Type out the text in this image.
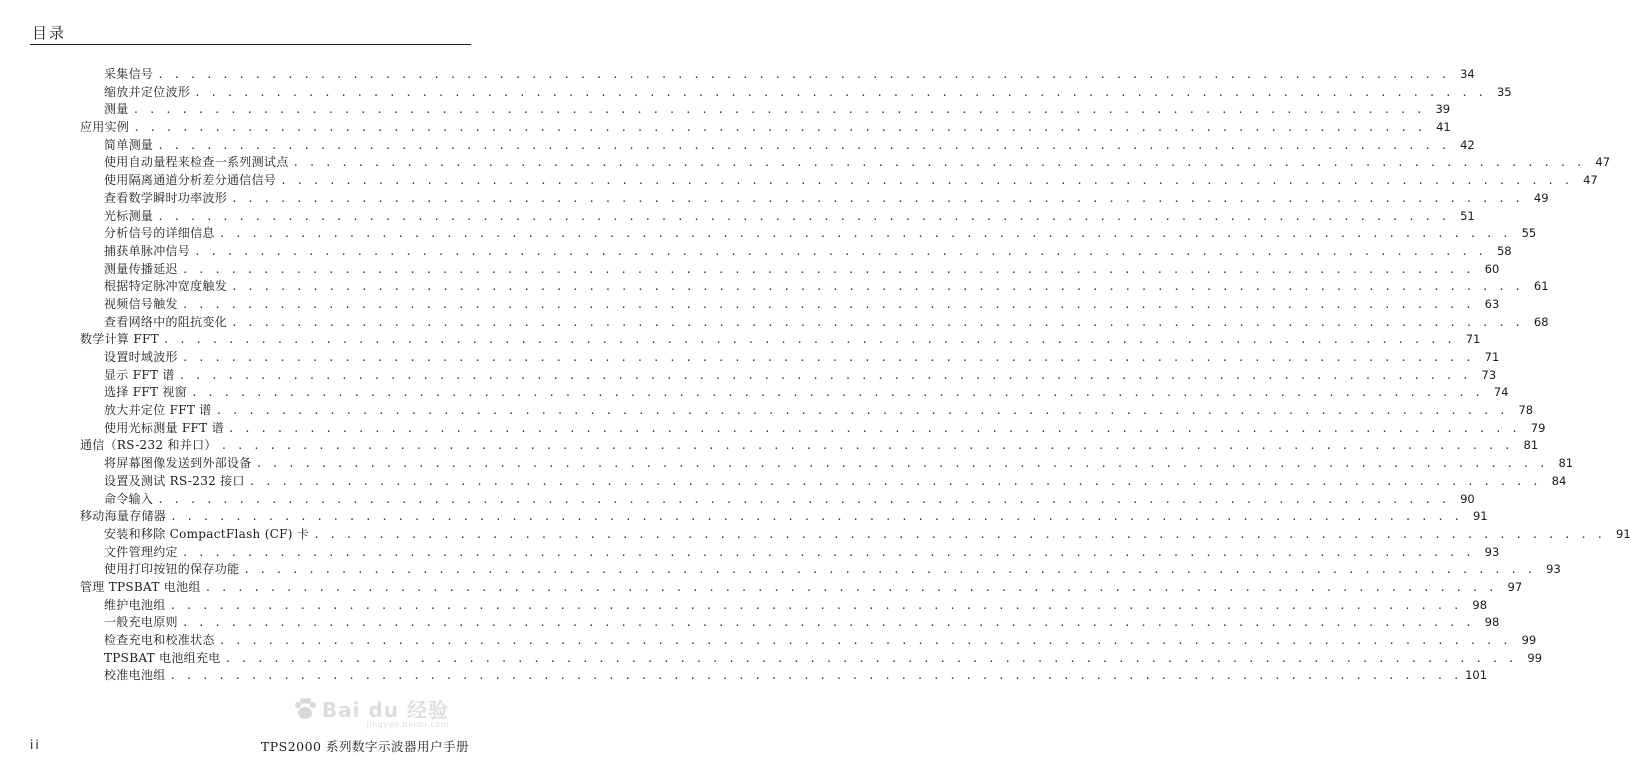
目录
采集信号 . . . . . . . . . . . . . . . . . . . . . . . . . . . . . . . . . . . . . . . . . . . . . . . . . . . . . . . . . . . . . . . . . . . . . . . . . . . . . . . . 34
缩放并定位波形 . . . . . . . . . . . . . . . . . . . . . . . . . . . . . . . . . . . . . . . . . . . . . . . . . . . . . . . . . . . . . . . . . . . . . . . . . . . . . . . . 35
测量 . . . . . . . . . . . . . . . . . . . . . . . . . . . . . . . . . . . . . . . . . . . . . . . . . . . . . . . . . . . . . . . . . . . . . . . . . . . . . . . . 39
应用实例 . . . . . . . . . . . . . . . . . . . . . . . . . . . . . . . . . . . . . . . . . . . . . . . . . . . . . . . . . . . . . . . . . . . . . . . . . . . . . . . . 41
简单测量 . . . . . . . . . . . . . . . . . . . . . . . . . . . . . . . . . . . . . . . . . . . . . . . . . . . . . . . . . . . . . . . . . . . . . . . . . . . . . . . . 42
使用自动量程来检查一系列测试点 . . . . . . . . . . . . . . . . . . . . . . . . . . . . . . . . . . . . . . . . . . . . . . . . . . . . . . . . . . . . . . . . . . . . . . . . . . . . . . . . 47
使用隔离通道分析差分通信信号 . . . . . . . . . . . . . . . . . . . . . . . . . . . . . . . . . . . . . . . . . . . . . . . . . . . . . . . . . . . . . . . . . . . . . . . . . . . . . . . . 47
查看数学瞬时功率波形 . . . . . . . . . . . . . . . . . . . . . . . . . . . . . . . . . . . . . . . . . . . . . . . . . . . . . . . . . . . . . . . . . . . . . . . . . . . . . . . . 49
光标测量 . . . . . . . . . . . . . . . . . . . . . . . . . . . . . . . . . . . . . . . . . . . . . . . . . . . . . . . . . . . . . . . . . . . . . . . . . . . . . . . . 51
分析信号的详细信息 . . . . . . . . . . . . . . . . . . . . . . . . . . . . . . . . . . . . . . . . . . . . . . . . . . . . . . . . . . . . . . . . . . . . . . . . . . . . . . . . 55
捕获单脉冲信号 . . . . . . . . . . . . . . . . . . . . . . . . . . . . . . . . . . . . . . . . . . . . . . . . . . . . . . . . . . . . . . . . . . . . . . . . . . . . . . . . 58
测量传播延迟 . . . . . . . . . . . . . . . . . . . . . . . . . . . . . . . . . . . . . . . . . . . . . . . . . . . . . . . . . . . . . . . . . . . . . . . . . . . . . . . . 60
根据特定脉冲宽度触发 . . . . . . . . . . . . . . . . . . . . . . . . . . . . . . . . . . . . . . . . . . . . . . . . . . . . . . . . . . . . . . . . . . . . . . . . . . . . . . . . 61
视频信号触发 . . . . . . . . . . . . . . . . . . . . . . . . . . . . . . . . . . . . . . . . . . . . . . . . . . . . . . . . . . . . . . . . . . . . . . . . . . . . . . . . 63
查看网络中的阻抗变化 . . . . . . . . . . . . . . . . . . . . . . . . . . . . . . . . . . . . . . . . . . . . . . . . . . . . . . . . . . . . . . . . . . . . . . . . . . . . . . . . 68
数学计算 FFT . . . . . . . . . . . . . . . . . . . . . . . . . . . . . . . . . . . . . . . . . . . . . . . . . . . . . . . . . . . . . . . . . . . . . . . . . . . . . . . . 71
设置时域波形 . . . . . . . . . . . . . . . . . . . . . . . . . . . . . . . . . . . . . . . . . . . . . . . . . . . . . . . . . . . . . . . . . . . . . . . . . . . . . . . . 71
显示 FFT 谱 . . . . . . . . . . . . . . . . . . . . . . . . . . . . . . . . . . . . . . . . . . . . . . . . . . . . . . . . . . . . . . . . . . . . . . . . . . . . . . . . 73
选择 FFT 视窗 . . . . . . . . . . . . . . . . . . . . . . . . . . . . . . . . . . . . . . . . . . . . . . . . . . . . . . . . . . . . . . . . . . . . . . . . . . . . . . . . 74
放大并定位 FFT 谱 . . . . . . . . . . . . . . . . . . . . . . . . . . . . . . . . . . . . . . . . . . . . . . . . . . . . . . . . . . . . . . . . . . . . . . . . . . . . . . . . 78
使用光标测量 FFT 谱 . . . . . . . . . . . . . . . . . . . . . . . . . . . . . . . . . . . . . . . . . . . . . . . . . . . . . . . . . . . . . . . . . . . . . . . . . . . . . . . . 79
通信（RS-232 和并口） . . . . . . . . . . . . . . . . . . . . . . . . . . . . . . . . . . . . . . . . . . . . . . . . . . . . . . . . . . . . . . . . . . . . . . . . . . . . . . . . 81
将屏幕图像发送到外部设备 . . . . . . . . . . . . . . . . . . . . . . . . . . . . . . . . . . . . . . . . . . . . . . . . . . . . . . . . . . . . . . . . . . . . . . . . . . . . . . . . 81
设置及测试 RS-232 接口 . . . . . . . . . . . . . . . . . . . . . . . . . . . . . . . . . . . . . . . . . . . . . . . . . . . . . . . . . . . . . . . . . . . . . . . . . . . . . . . . 84
命令输入 . . . . . . . . . . . . . . . . . . . . . . . . . . . . . . . . . . . . . . . . . . . . . . . . . . . . . . . . . . . . . . . . . . . . . . . . . . . . . . . . 90
移动海量存储器 . . . . . . . . . . . . . . . . . . . . . . . . . . . . . . . . . . . . . . . . . . . . . . . . . . . . . . . . . . . . . . . . . . . . . . . . . . . . . . . . 91
安装和移除 CompactFlash (CF) 卡 . . . . . . . . . . . . . . . . . . . . . . . . . . . . . . . . . . . . . . . . . . . . . . . . . . . . . . . . . . . . . . . . . . . . . . . . . . . . . . . . 91
文件管理约定 . . . . . . . . . . . . . . . . . . . . . . . . . . . . . . . . . . . . . . . . . . . . . . . . . . . . . . . . . . . . . . . . . . . . . . . . . . . . . . . . 93
使用打印按钮的保存功能 . . . . . . . . . . . . . . . . . . . . . . . . . . . . . . . . . . . . . . . . . . . . . . . . . . . . . . . . . . . . . . . . . . . . . . . . . . . . . . . . 93
管理 TPSBAT 电池组 . . . . . . . . . . . . . . . . . . . . . . . . . . . . . . . . . . . . . . . . . . . . . . . . . . . . . . . . . . . . . . . . . . . . . . . . . . . . . . . . 97
维护电池组 . . . . . . . . . . . . . . . . . . . . . . . . . . . . . . . . . . . . . . . . . . . . . . . . . . . . . . . . . . . . . . . . . . . . . . . . . . . . . . . . 98
一般充电原则 . . . . . . . . . . . . . . . . . . . . . . . . . . . . . . . . . . . . . . . . . . . . . . . . . . . . . . . . . . . . . . . . . . . . . . . . . . . . . . . . 98
检查充电和校准状态 . . . . . . . . . . . . . . . . . . . . . . . . . . . . . . . . . . . . . . . . . . . . . . . . . . . . . . . . . . . . . . . . . . . . . . . . . . . . . . . . 99
TPSBAT 电池组充电 . . . . . . . . . . . . . . . . . . . . . . . . . . . . . . . . . . . . . . . . . . . . . . . . . . . . . . . . . . . . . . . . . . . . . . . . . . . . . . . . 99
校准电池组 . . . . . . . . . . . . . . . . . . . . . . . . . . . . . . . . . . . . . . . . . . . . . . . . . . . . . . . . . . . . . . . . . . . . . . . . . . . . . . . . 101
ii	TPS2000 系列数字示波器用户手册
Bai du 经验
jingyan.baidu.com
